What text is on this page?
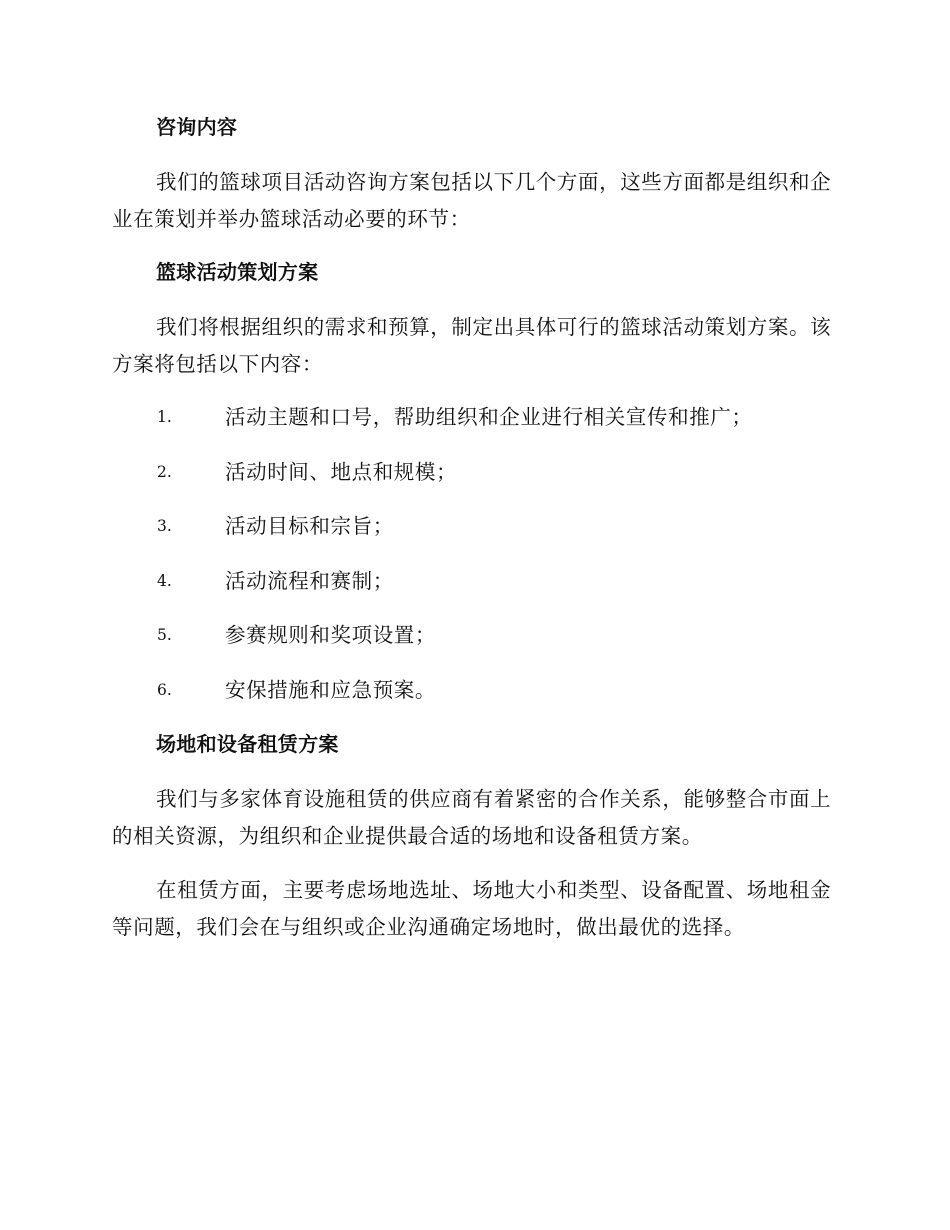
咨询内容

我们的篮球项目活动咨询方案包括以下几个方面，这些方面都是组织和企业在策划并举办篮球活动必要的环节：

篮球活动策划方案

我们将根据组织的需求和预算，制定出具体可行的篮球活动策划方案。该方案将包括以下内容：

1.	活动主题和口号，帮助组织和企业进行相关宣传和推广；
2.	活动时间、地点和规模；
3.	活动目标和宗旨；
4.	活动流程和赛制；
5.	参赛规则和奖项设置；
6.	安保措施和应急预案。
场地和设备租赁方案

我们与多家体育设施租赁的供应商有着紧密的合作关系，能够整合市面上的相关资源，为组织和企业提供最合适的场地和设备租赁方案。

在租赁方面，主要考虑场地选址、场地大小和类型、设备配置、场地租金等问题，我们会在与组织或企业沟通确定场地时，做出最优的选择。
